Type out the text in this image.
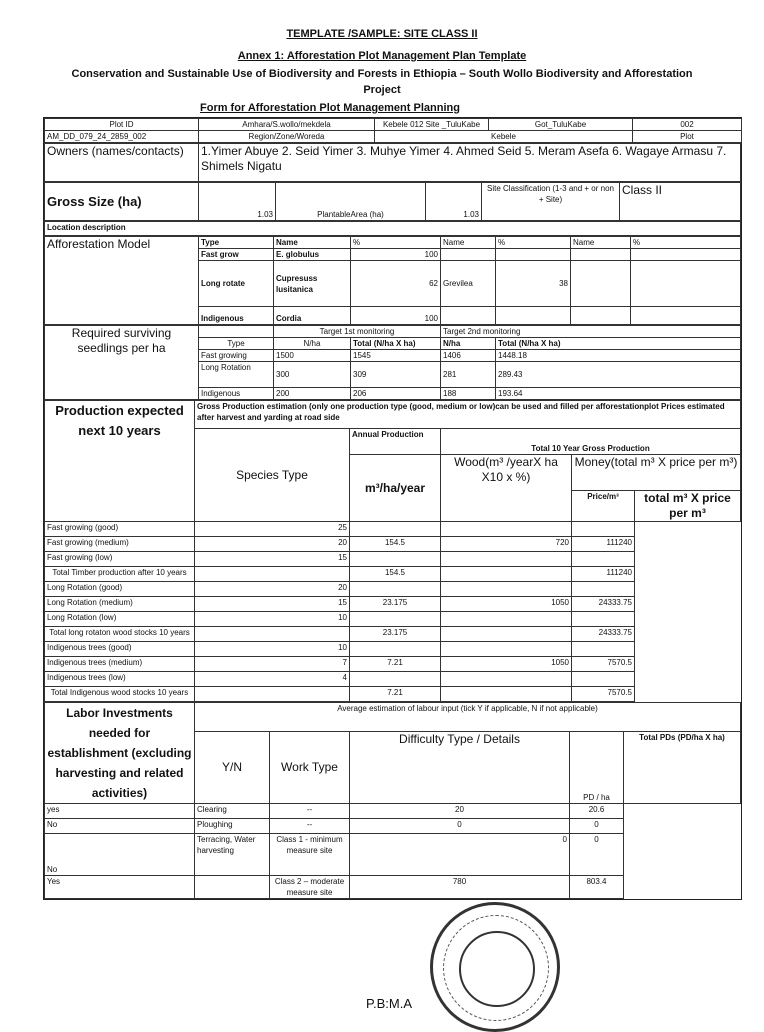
TEMPLATE /SAMPLE: SITE CLASS II
Annex 1: Afforestation Plot Management Plan Template
Conservation and Sustainable Use of Biodiversity and Forests in Ethiopia – South Wollo Biodiversity and Afforestation Project
Form for Afforestation Plot Management Planning
Plot ID	Amhara/S.wollo/mekdela	Kebele 012 Site _TuluKabe	Got_TuluKabe	002
AM_DD_079_24_2859_002	Region/Zone/Woreda	Kebele		Plot
Owners (names/contacts)	1.Yimer Abuye 2. Seid Yimer 3. Muhye Yimer 4. Ahmed Seid 5. Meram Asefa 6. Wagaye Armasu 7. Shimels Nigatu
Gross Size (ha)	1.03	PlantableArea (ha)	1.03	Site Classification (1-3 and + or non + Site)	Class II
Location description
Afforestation Model	Type	Name	%	Name	%	Name	%
	Fast grow	E. globulus	100				
	Long rotate	Cupresuss lusitanica	62	Grevilea	38		
	Indigenous	Cordia	100				
Required surviving seedlings per ha		Target 1st monitoring		Target 2nd monitoring	
	Type	N/ha	Total (N/ha X ha)	N/ha	Total (N/ha X ha)
	Fast growing	1500	1545	1406	1448.18
	Long Rotation	300	309	281	289.43
	Indigenous	200	206	188	193.64
Production expected next 10 years	Gross Production estimation (only one production type (good, medium or low)can be used and filled per afforestationplot Prices estimated after harvest and yarding at road side				
	Species Type	Annual Production	Total 10 Year Gross Production		
		m³/ha/year	Wood(m³ /yearX ha X10 x %)	Money(total m³ X price per m³)	
				Price/m³	total m³ X price per m³
Fast growing (good)	25				
Fast growing (medium)	20	154.5	720	111240	
Fast growing (low)	15				
Total Timber production after 10 years		154.5		111240	
Long Rotation (good)	20				
Long Rotation (medium)	15	23.175	1050	24333.75	
Long Rotation (low)	10				
Total long rotaton wood stocks 10 years		23.175		24333.75	
Indigenous trees (good)	10				
Indigenous trees (medium)	7	7.21	1050	7570.5	
Indigenous trees (low)	4				
Total Indigenous wood stocks 10 years		7.21		7570.5	
Labor Investments needed for establishment (excluding harvesting and related activities)	Average estimation of labour input (tick Y if applicable, N if not applicable)				
	Y/N	Work Type	Difficulty Type / Details	PD / ha	Total PDs (PD/ha X ha)
yes	Clearing	--	20	20.6	
No	Ploughing	--	0	0	
No	Terracing, Water harvesting	Class 1 - minimum measure site	0	0	
Yes		Class 2 – moderate measure site	780	803.4	
P.B:M.A
